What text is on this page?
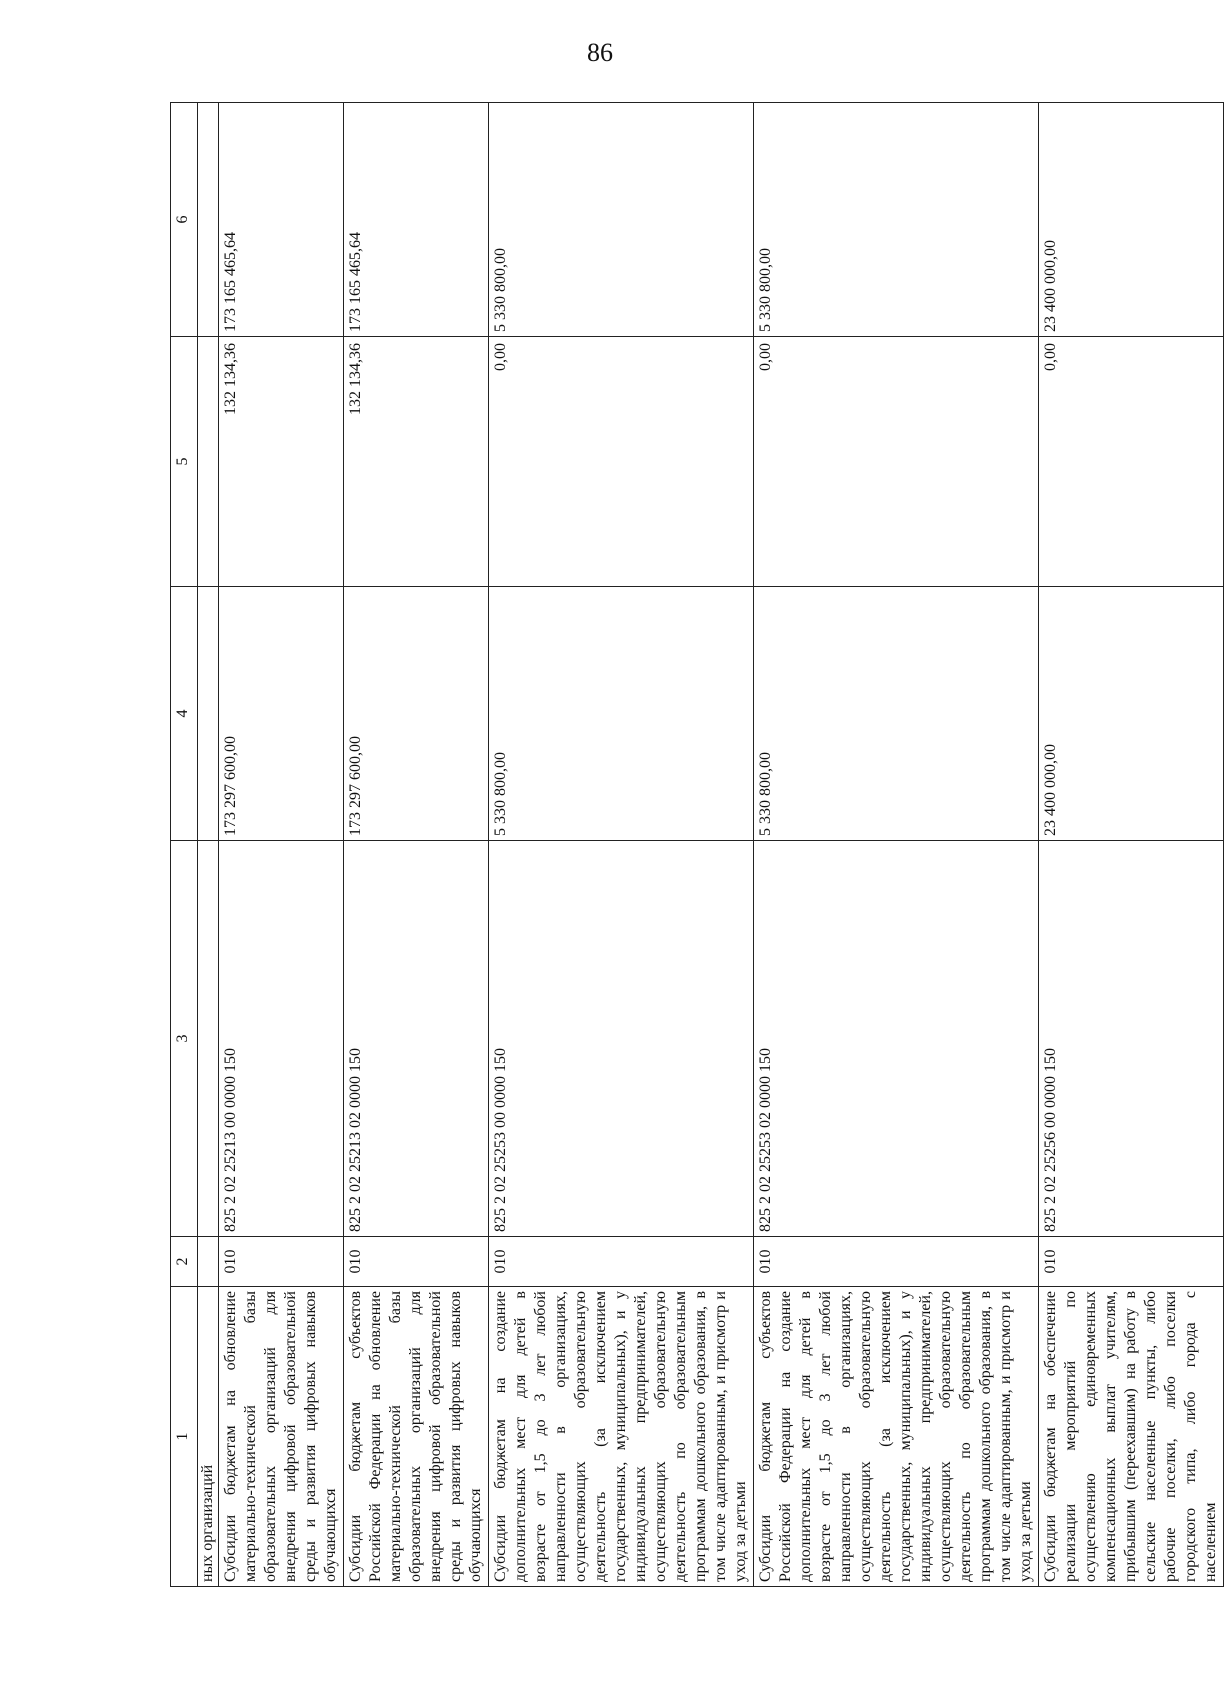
86
1	2	3	4	5	6
ных организаций					
Субсидии бюджетам на обновление материально-технической базы образовательных организаций для внедрения цифровой образовательной среды и развития цифровых навыков обучающихся	010	825 2 02 25213 00 0000 150	173 297 600,00	132 134,36	173 165 465,64
Субсидии бюджетам субъектов Российской Федерации на обновление материально-технической базы образовательных организаций для внедрения цифровой образовательной среды и развития цифровых навыков обучающихся	010	825 2 02 25213 02 0000 150	173 297 600,00	132 134,36	173 165 465,64
Субсидии бюджетам на создание дополнительных мест для детей в возрасте от 1,5 до 3 лет любой направленности в организациях, осуществляющих образовательную деятельность (за исключением государственных, муниципальных), и у индивидуальных предпринимателей, осуществляющих образовательную деятельность по образовательным программам дошкольного образования, в том числе адаптированным, и присмотр и уход за детьми	010	825 2 02 25253 00 0000 150	5 330 800,00	0,00	5 330 800,00
Субсидии бюджетам субъектов Российской Федерации на создание дополнительных мест для детей в возрасте от 1,5 до 3 лет любой направленности в организациях, осуществляющих образовательную деятельность (за исключением государственных, муниципальных), и у индивидуальных предпринимателей, осуществляющих образовательную деятельность по образовательным программам дошкольного образования, в том числе адаптированным, и присмотр и уход за детьми	010	825 2 02 25253 02 0000 150	5 330 800,00	0,00	5 330 800,00
Субсидии бюджетам на обеспечение реализации мероприятий по осуществлению единовременных компенсационных выплат учителям, прибывшим (переехавшим) на работу в сельские населенные пункты, либо рабочие поселки, либо поселки городского типа, либо города с населением	010	825 2 02 25256 00 0000 150	23 400 000,00	0,00	23 400 000,00
